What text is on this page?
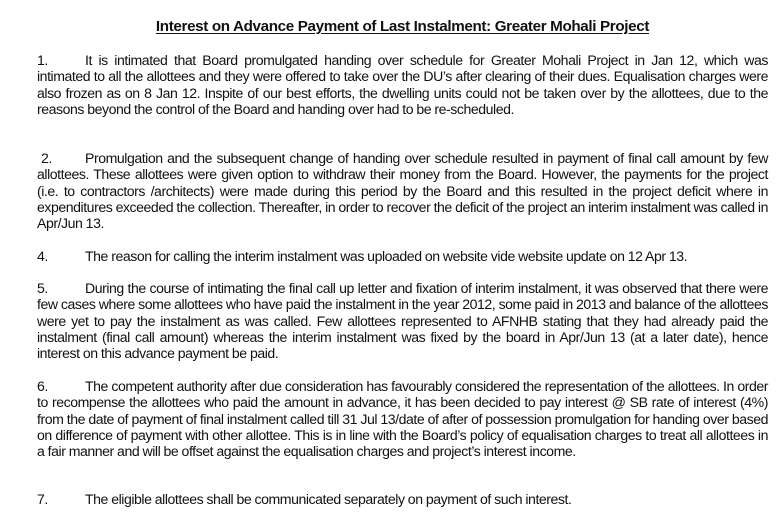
Interest on Advance Payment of Last Instalment: Greater Mohali Project

1.	It is intimated that Board promulgated handing over schedule for Greater Mohali Project in Jan 12, which was intimated to all the allottees and they were offered to take over the DU’s after clearing of their dues. Equalisation charges were also frozen as on 8 Jan 12. Inspite of our best efforts, the dwelling units could not be taken over by the allottees, due to the reasons beyond the control of the Board and handing over had to be re-scheduled.

2. Promulgation and the subsequent change of handing over schedule resulted in payment of final call amount by few allottees. These allottees were given option to withdraw their money from the Board. However, the payments for the project (i.e. to contractors /architects) were made during this period by the Board and this resulted in the project deficit where in expenditures exceeded the collection. Thereafter, in order to recover the deficit of the project an interim instalment was called in Apr/Jun 13.

4.	The reason for calling the interim instalment was uploaded on website vide website update on 12 Apr 13.

5.	During the course of intimating the final call up letter and fixation of interim instalment, it was observed that there were few cases where some allottees who have paid the instalment in the year 2012, some paid in 2013 and balance of the allottees were yet to pay the instalment as was called. Few allottees represented to AFNHB stating that they had already paid the instalment (final call amount) whereas the interim instalment was fixed by the board in Apr/Jun 13 (at a later date), hence interest on this advance payment be paid.

6.	The competent authority after due consideration has favourably considered the representation of the allottees. In order to recompense the allottees who paid the amount in advance, it has been decided to pay interest @ SB rate of interest (4%) from the date of payment of final instalment called till 31 Jul 13/date of after of possession promulgation for handing over based on difference of payment with other allottee. This is in line with the Board’s policy of equalisation charges to treat all allottees in a fair manner and will be offset against the equalisation charges and project’s interest income.

7.	The eligible allottees shall be communicated separately on payment of such interest.
